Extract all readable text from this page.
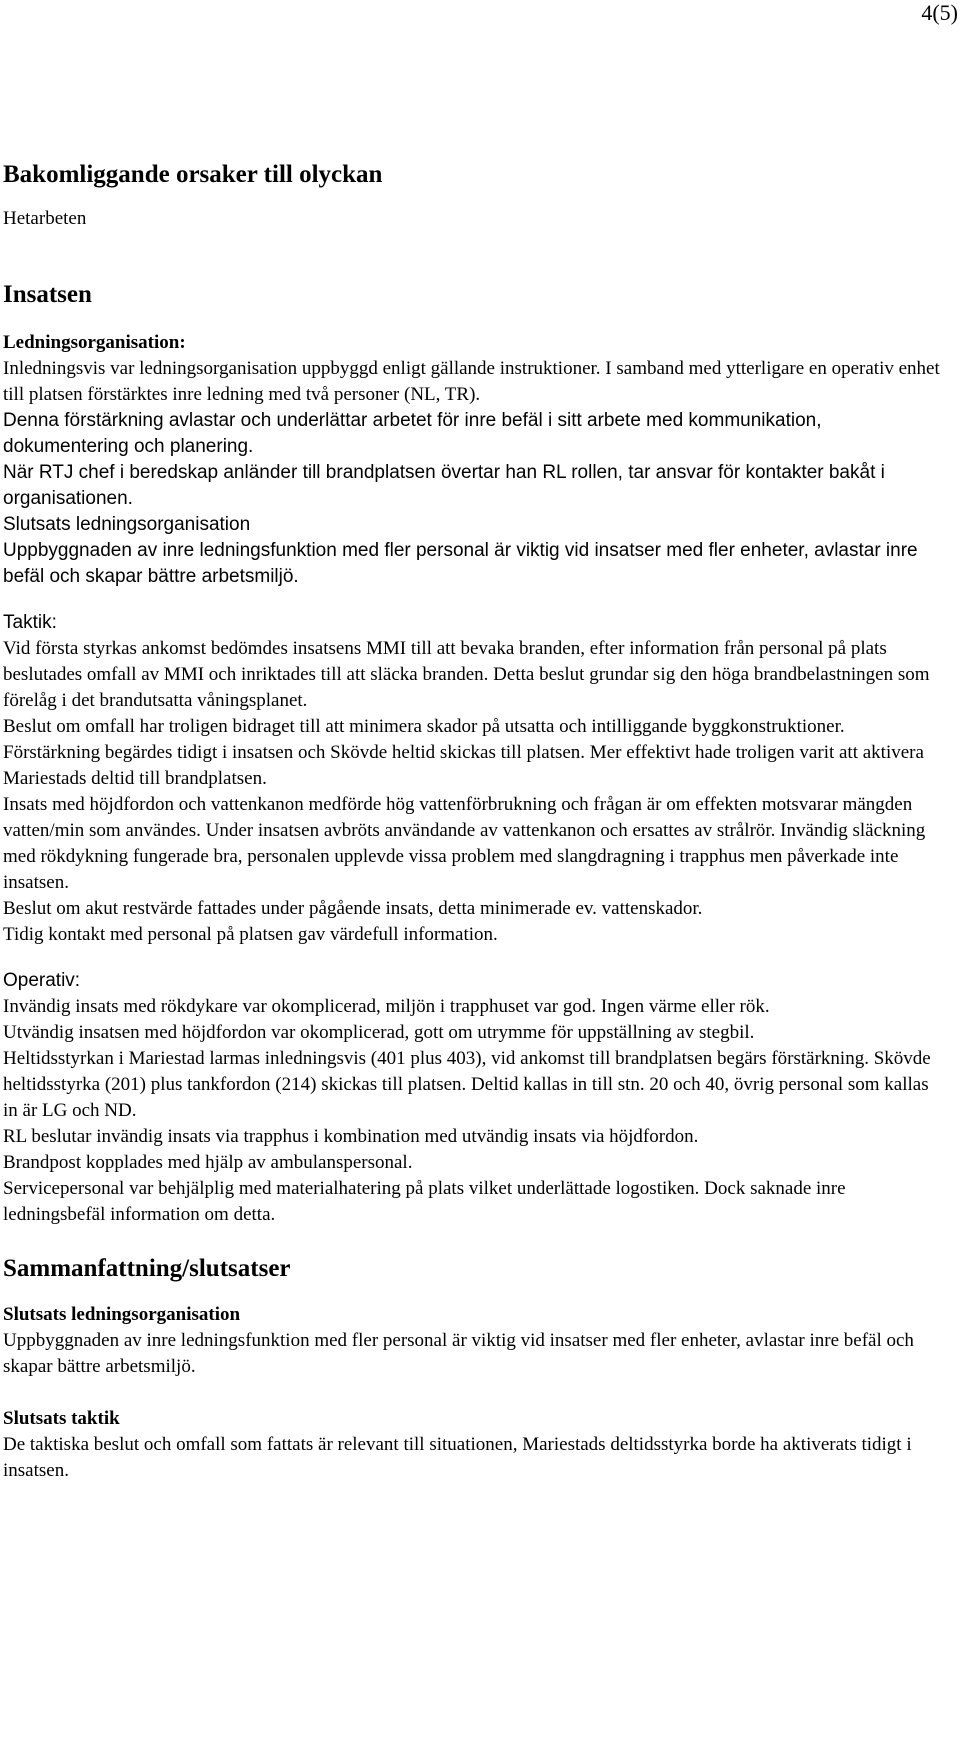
4(5)
Bakomliggande orsaker till olyckan

Hetarbeten

Insatsen

Ledningsorganisation:

Inledningsvis var ledningsorganisation uppbyggd enligt gällande instruktioner. I samband med ytterligare en operativ enhet till platsen förstärktes inre ledning med två personer (NL, TR).

Denna förstärkning avlastar och underlättar arbetet för inre befäl i sitt arbete med kommunikation, dokumentering och planering.

När RTJ chef i beredskap anländer till brandplatsen övertar han RL rollen, tar ansvar för kontakter bakåt i organisationen.

Slutsats ledningsorganisation

Uppbyggnaden av inre ledningsfunktion med fler personal är viktig vid insatser med fler enheter, avlastar inre befäl och skapar bättre arbetsmiljö.

Taktik:

Vid första styrkas ankomst bedömdes insatsens MMI till att bevaka branden, efter information från personal på plats beslutades omfall av MMI och inriktades till att släcka branden. Detta beslut grundar sig den höga brandbelastningen som förelåg i det brandutsatta våningsplanet.

Beslut om omfall har troligen bidraget till att minimera skador på utsatta och intilliggande byggkonstruktioner.

Förstärkning begärdes tidigt i insatsen och Skövde heltid skickas till platsen. Mer effektivt hade troligen varit att aktivera Mariestads deltid till brandplatsen.

Insats med höjdfordon och vattenkanon medförde hög vattenförbrukning och frågan är om effekten motsvarar mängden vatten/min som användes. Under insatsen avbröts användande av vattenkanon och ersattes av strålrör. Invändig släckning med rökdykning fungerade bra, personalen upplevde vissa problem med slangdragning i trapphus men påverkade inte insatsen.

Beslut om akut restvärde fattades under pågående insats, detta minimerade ev. vattenskador.

Tidig kontakt med personal på platsen gav värdefull information.

Operativ:

Invändig insats med rökdykare var okomplicerad, miljön i trapphuset var god. Ingen värme eller rök.

Utvändig insatsen med höjdfordon var okomplicerad, gott om utrymme för uppställning av stegbil.

Heltidsstyrkan i Mariestad larmas inledningsvis (401 plus 403), vid ankomst till brandplatsen begärs förstärkning. Skövde heltidsstyrka (201) plus tankfordon (214) skickas till platsen. Deltid kallas in till stn. 20 och 40, övrig personal som kallas in är LG och ND.

RL beslutar invändig insats via trapphus i kombination med utvändig insats via höjdfordon.

Brandpost kopplades med hjälp av ambulanspersonal.

Servicepersonal var behjälplig med materialhatering på plats vilket underlättade logostiken. Dock saknade inre ledningsbefäl information om detta.

Sammanfattning/slutsatser

Slutsats ledningsorganisation

Uppbyggnaden av inre ledningsfunktion med fler personal är viktig vid insatser med fler enheter, avlastar inre befäl och skapar bättre arbetsmiljö.

Slutsats taktik

De taktiska beslut och omfall som fattats är relevant till situationen, Mariestads deltidsstyrka borde ha aktiverats tidigt i insatsen.
